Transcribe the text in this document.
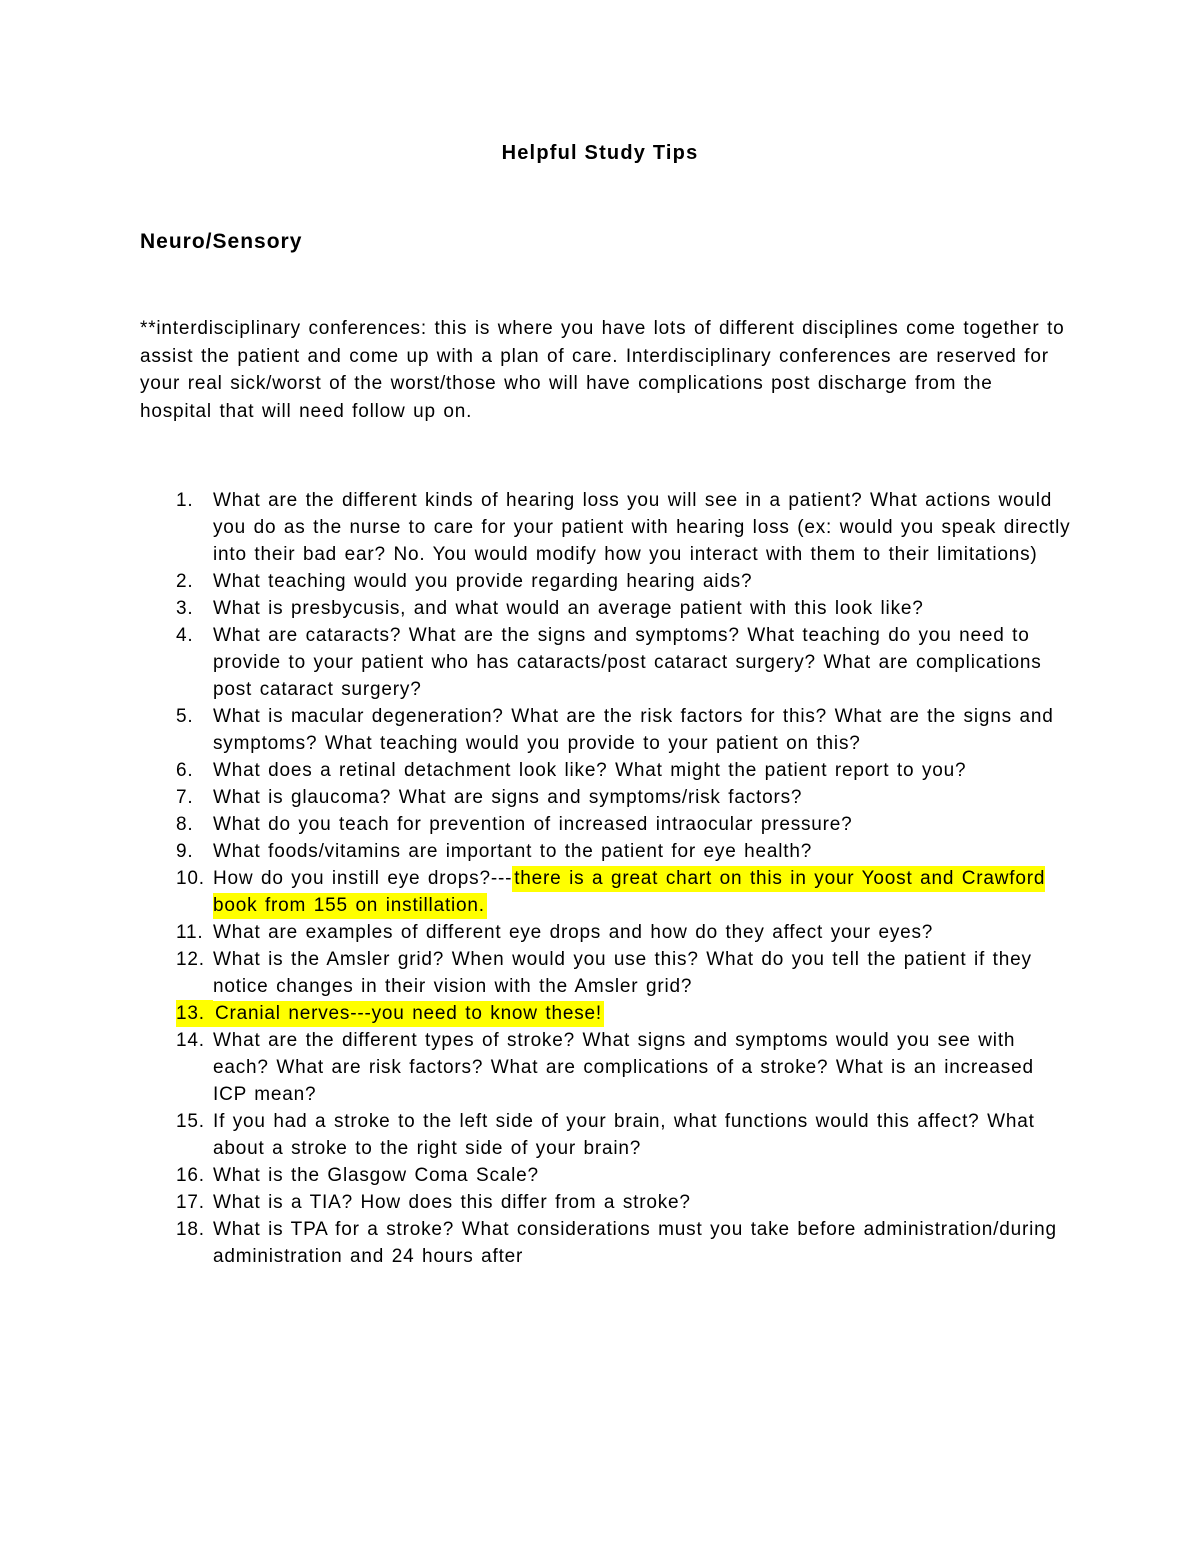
Helpful Study Tips
Neuro/Sensory

**interdisciplinary conferences: this is where you have lots of different disciplines come together to assist the patient and come up with a plan of care. Interdisciplinary conferences are reserved for your real sick/worst of the worst/those who will have complications post discharge from the hospital that will need follow up on.

1.	What are the different kinds of hearing loss you will see in a patient? What actions would you do as the nurse to care for your patient with hearing loss (ex: would you speak directly into their bad ear? No. You would modify how you interact with them to their limitations)
2.	What teaching would you provide regarding hearing aids?
3.	What is presbycusis, and what would an average patient with this look like?
4.	What are cataracts? What are the signs and symptoms? What teaching do you need to provide to your patient who has cataracts/post cataract surgery? What are complications post cataract surgery?
5.	What is macular degeneration? What are the risk factors for this? What are the signs and symptoms? What teaching would you provide to your patient on this?
6.	What does a retinal detachment look like? What might the patient report to you?
7.	What is glaucoma? What are signs and symptoms/risk factors?
8.	What do you teach for prevention of increased intraocular pressure?
9.	What foods/vitamins are important to the patient for eye health?
10. How do you instill eye drops?--- there is a great chart on this in your Yoost and Crawford book from 155 on instillation.
11. What are examples of different eye drops and how do they affect your eyes?
12. What is the Amsler grid? When would you use this? What do you tell the patient if they notice changes in their vision with the Amsler grid?
13. Cranial nerves---you need to know these!
14. What are the different types of stroke? What signs and symptoms would you see with each? What are risk factors? What are complications of a stroke? What is an increased ICP mean?
15. If you had a stroke to the left side of your brain, what functions would this affect? What about a stroke to the right side of your brain?
16. What is the Glasgow Coma Scale?
17. What is a TIA? How does this differ from a stroke?
18. What is TPA for a stroke? What considerations must you take before administration/during administration and 24 hours after
